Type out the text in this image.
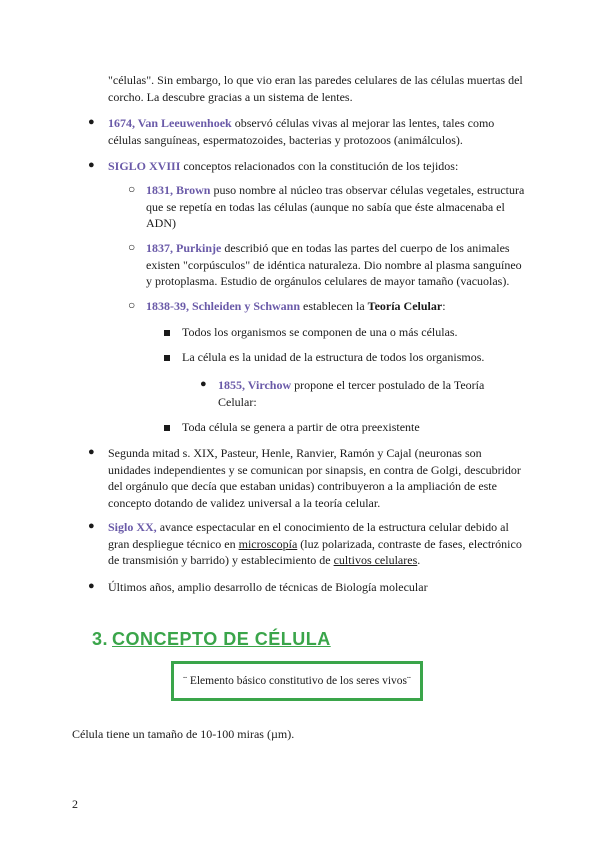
"células". Sin embargo, lo que vio eran las paredes celulares de las células muertas del
corcho. La descubre gracias a un sistema de lentes.
● 1674, Van Leeuwenhoek observó células vivas al mejorar las lentes, tales como
células sanguíneas, espermatozoides, bacterias y protozoos (animálculos).
● SIGLO XVIII conceptos relacionados con la constitución de los tejidos:
○ 1831, Brown puso nombre al núcleo tras observar células vegetales, estructura
que se repetía en todas las células (aunque no sabía que éste almacenaba el
ADN)
○ 1837, Purkinje describió que en todas las partes del cuerpo de los animales
existen "corpúsculos" de idéntica naturaleza. Dio nombre al plasma sanguíneo
y protoplasma. Estudio de orgánulos celulares de mayor tamaño (vacuolas).
○ 1838-39, Schleiden y Schwann establecen la Teoría Celular:
Todos los organismos se componen de una o más células.
La célula es la unidad de la estructura de todos los organismos.
● 1855, Virchow propone el tercer postulado de la Teoría
Celular:
Toda célula se genera a partir de otra preexistente
● Segunda mitad s. XIX, Pasteur, Henle, Ranvier, Ramón y Cajal (neuronas son
unidades independientes y se comunican por sinapsis, en contra de Golgi, descubridor
del orgánulo que decía que estaban unidas) contribuyeron a la ampliación de este
concepto dotando de validez universal a la teoría celular.
● Siglo XX, avance espectacular en el conocimiento de la estructura celular debido al
gran despliegue técnico en microscopía (luz polarizada, contraste de fases, electrónico
de transmisión y barrido) y establecimiento de cultivos celulares.
● Últimos años, amplio desarrollo de técnicas de Biología molecular
3. CONCEPTO DE CÉLULA
¨ Elemento básico constitutivo de los seres vivos¨
Célula tiene un tamaño de 10-100 miras (µm).
2
